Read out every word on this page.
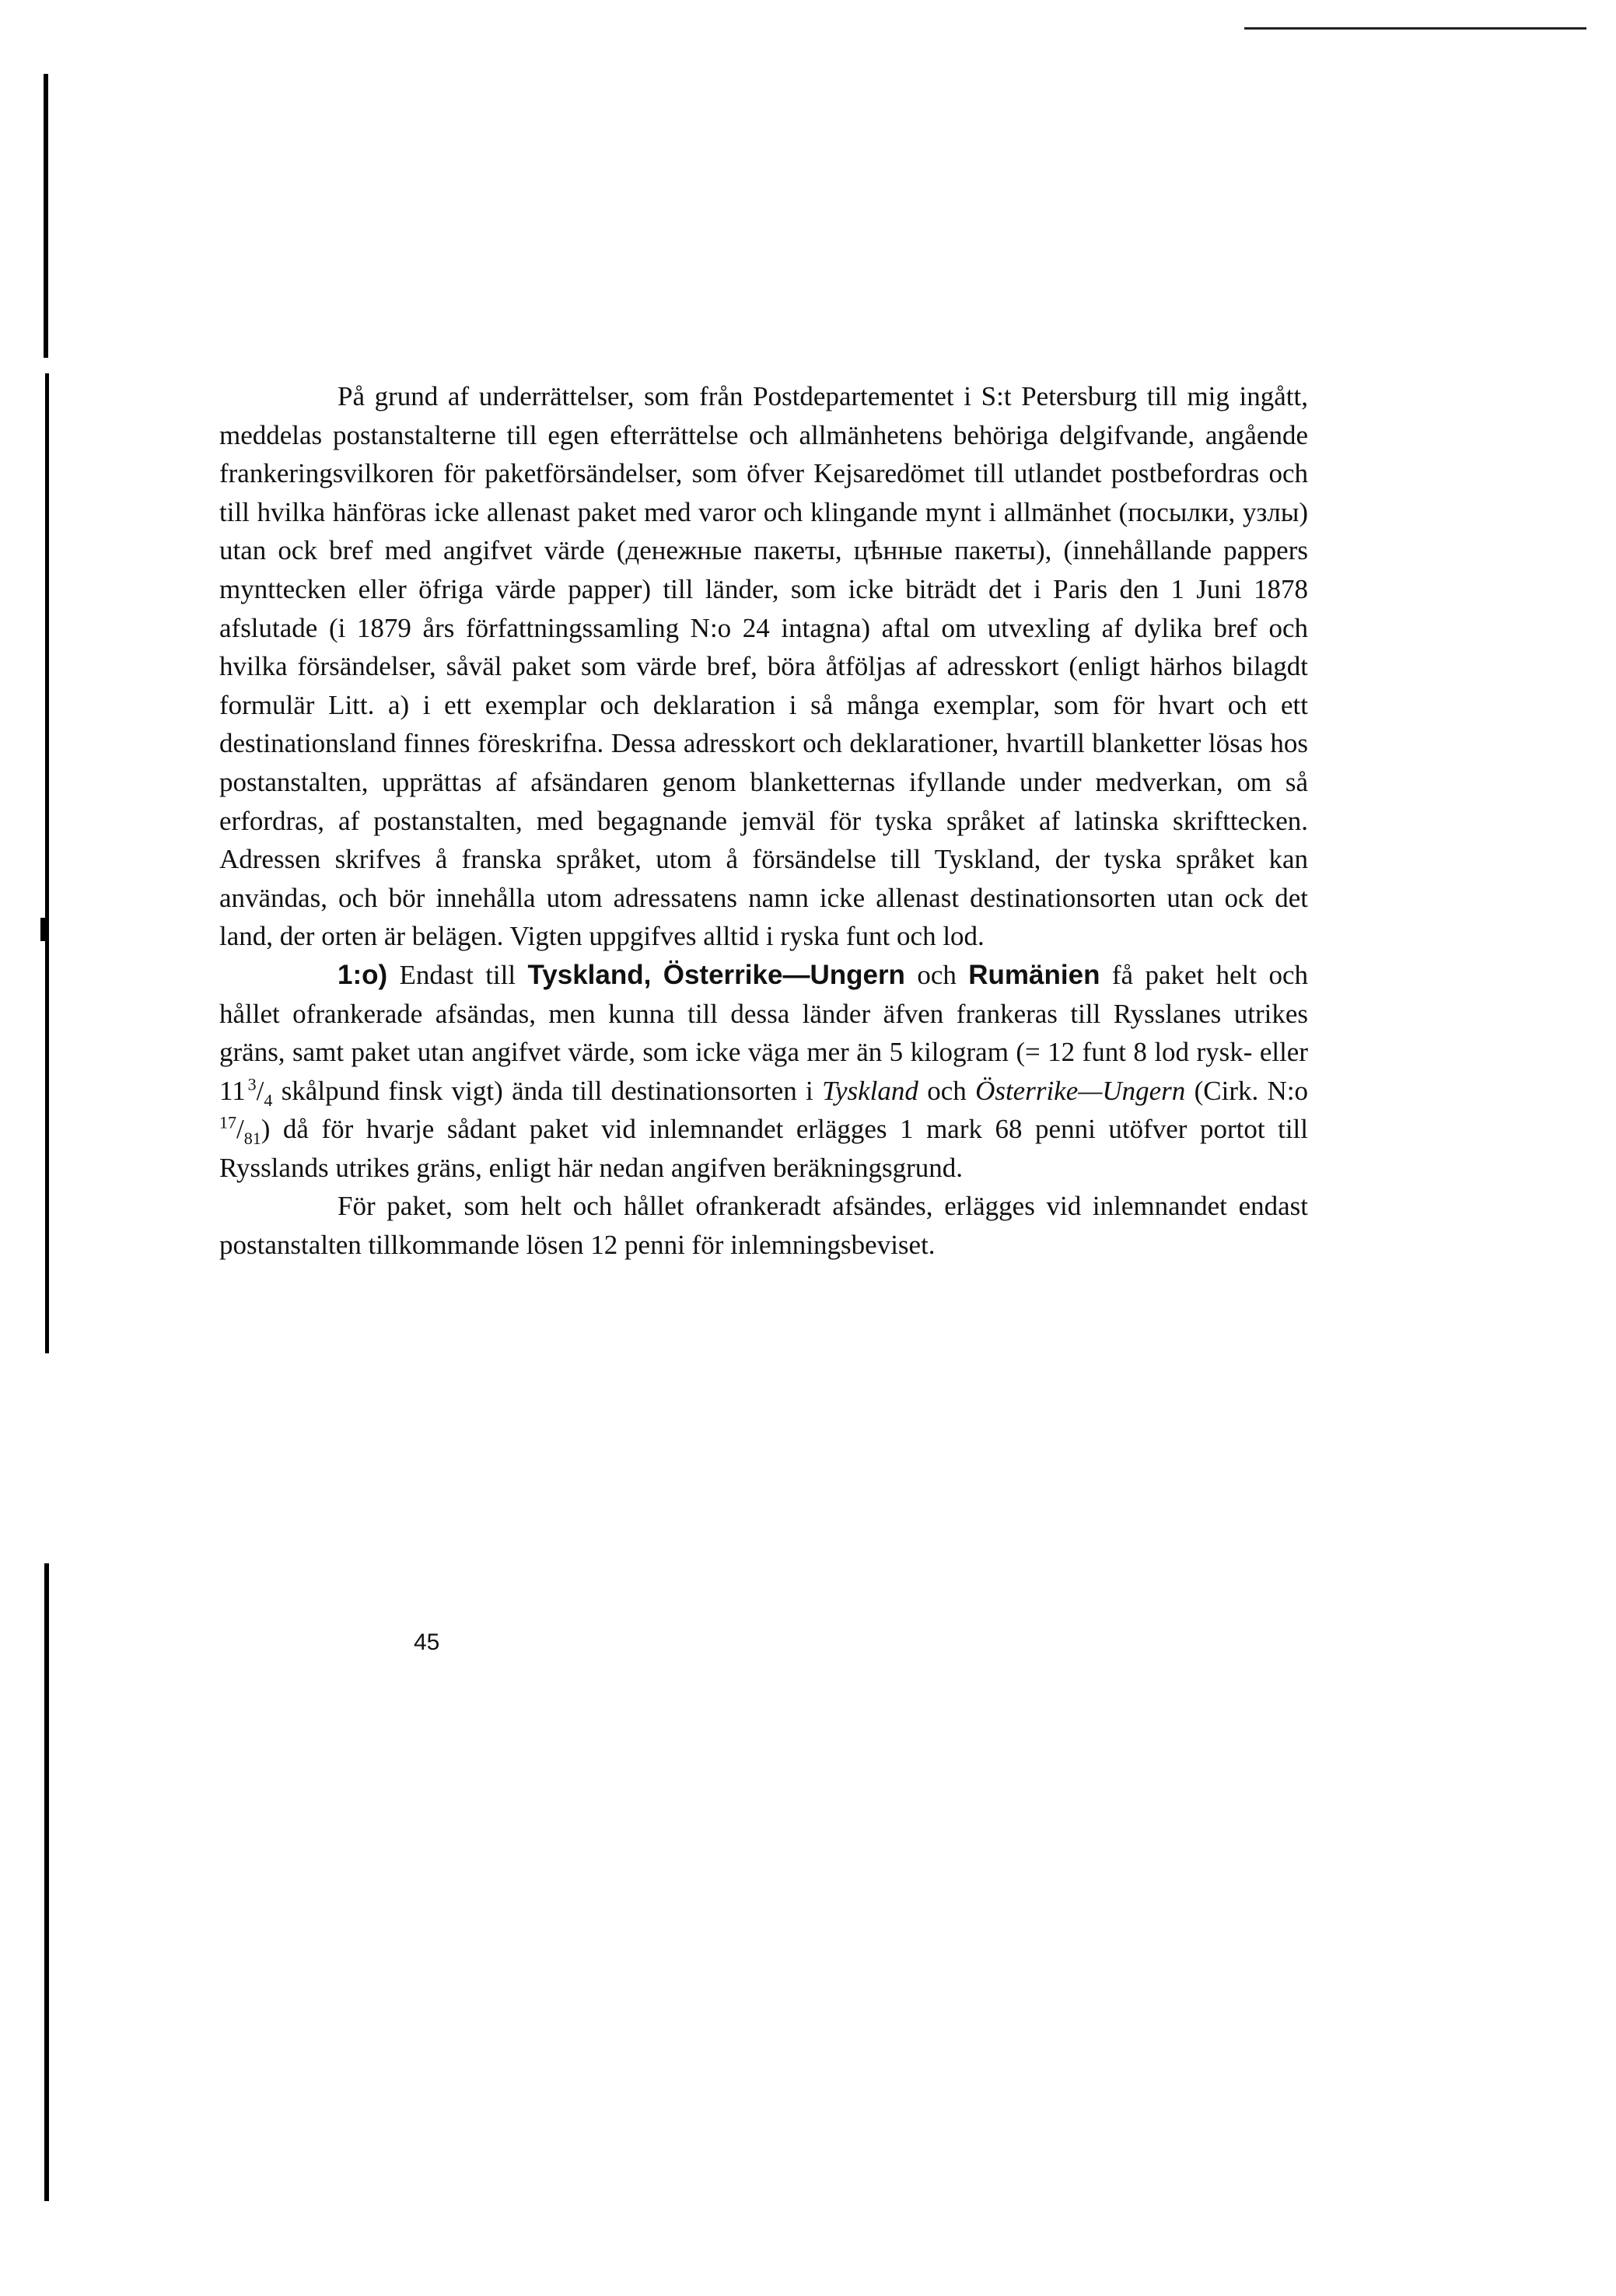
På grund af underrättelser, som från Postdepartementet i S:t Petersburg till mig ingått, meddelas postanstalterne till egen efterrättelse och allmänhetens behöriga delgifvande, angående frankeringsvilkoren för paketförsändelser, som öfver Kejsaredömet till utlandet postbefordras och till hvilka hänföras icke allenast paket med varor och klingande mynt i allmänhet (посылки, узлы) utan ock bref med angifvet värde (денежные пакеты, цѣнные пакеты), (innehållande pappers mynttecken eller öfriga värde papper) till länder, som icke biträdt det i Paris den 1 Juni 1878 afslutade (i 1879 års författningssamling N:o 24 intagna) aftal om utvexling af dylika bref och hvilka försändelser, såväl paket som värde bref, böra åtföljas af adresskort (enligt härhos bilagdt formulär Litt. a) i ett exemplar och deklaration i så många exemplar, som för hvart och ett destinationsland finnes föreskrifna. Dessa adresskort och deklarationer, hvartill blanketter lösas hos postanstalten, upprättas af afsändaren genom blanketternas ifyllande under medverkan, om så erfordras, af postanstalten, med begagnande jemväl för tyska språket af latinska skrifttecken. Adressen skrifves å franska språket, utom å försändelse till Tyskland, der tyska språket kan användas, och bör innehålla utom adressatens namn icke allenast destinationsorten utan ock det land, der orten är belägen. Vigten uppgifves alltid i ryska funt och lod.

1:o) Endast till Tyskland, Österrike—Ungern och Rumänien få paket helt och hållet ofrankerade afsändas, men kunna till dessa länder äfven frankeras till Rysslanes utrikes gräns, samt paket utan angifvet värde, som icke väga mer än 5 kilogram (= 12 funt 8 lod rysk- eller 11  $^3/_4$ skålpund finsk vigt) ända till destinationsorten i Tyskland och Österrike—Ungern (Cirk. N:o $^{17}/_{81}$) då för hvarje sådant paket vid inlemnandet erlägges 1 mark 68 penni utöfver portot till Rysslands utrikes gräns, enligt här nedan angifven beräkningsgrund.

För paket, som helt och hållet ofrankeradt afsändes, erlägges vid inlemnandet endast postanstalten tillkommande lösen 12 penni för inlemningsbeviset.

45
